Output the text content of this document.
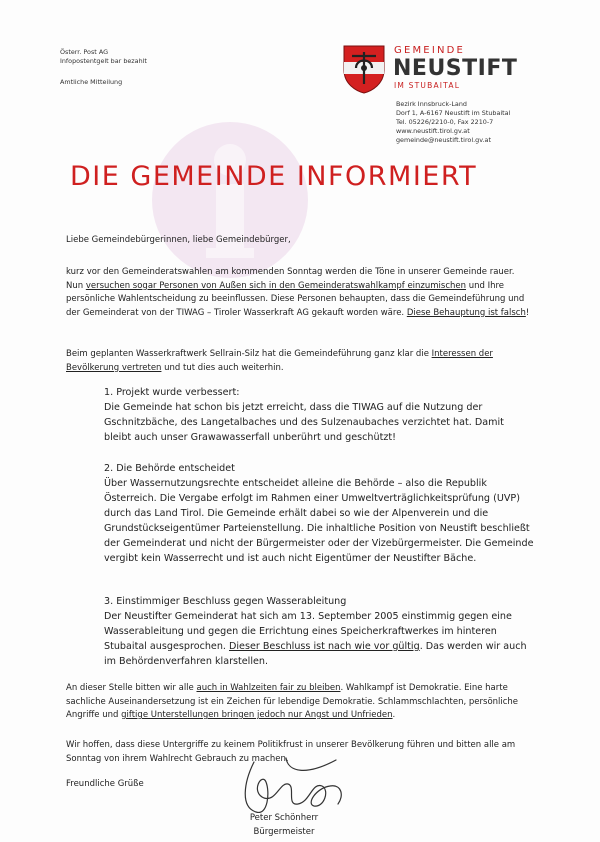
Österr. Post AG
Infopostentgelt bar bezahlt
Amtliche Mitteilung
GEMEINDE
NEUSTIFT
IM STUBAITAL
Bezirk Innsbruck-Land
Dorf 1, A-6167 Neustift im Stubaital
Tel. 05226/2210-0, Fax 2210-7
www.neustift.tirol.gv.at
gemeinde@neustift.tirol.gv.at
DIE GEMEINDE INFORMIERT
Liebe Gemeindebürgerinnen, liebe Gemeindebürger,
kurz vor den Gemeinderatswahlen am kommenden Sonntag werden die Töne in unserer Gemeinde rauer. Nun versuchen sogar Personen von Außen sich in den Gemeinderatswahlkampf einzumischen und Ihre persönliche Wahlentscheidung zu beeinflussen. Diese Personen behaupten, dass die Gemeindeführung und der Gemeinderat von der TIWAG – Tiroler Wasserkraft AG gekauft worden wäre. Diese Behauptung ist falsch!
Beim geplanten Wasserkraftwerk Sellrain-Silz hat die Gemeindeführung ganz klar die Interessen der Bevölkerung vertreten und tut dies auch weiterhin.
1. Projekt wurde verbessert:
Die Gemeinde hat schon bis jetzt erreicht, dass die TIWAG auf die Nutzung der Gschnitzbäche, des Langetalbaches und des Sulzenaubaches verzichtet hat. Damit bleibt auch unser Grawawasserfall unberührt und geschützt!
2. Die Behörde entscheidet
Über Wassernutzungsrechte entscheidet alleine die Behörde – also die Republik Österreich. Die Vergabe erfolgt im Rahmen einer Umweltverträglichkeitsprüfung (UVP) durch das Land Tirol. Die Gemeinde erhält dabei so wie der Alpenverein und die Grundstückseigentümer Parteienstellung. Die inhaltliche Position von Neustift beschließt der Gemeinderat und nicht der Bürgermeister oder der Vizebürgermeister. Die Gemeinde vergibt kein Wasserrecht und ist auch nicht Eigentümer der Neustifter Bäche.
3. Einstimmiger Beschluss gegen Wasserableitung
Der Neustifter Gemeinderat hat sich am 13. September 2005 einstimmig gegen eine Wasserableitung und gegen die Errichtung eines Speicherkraftwerkes im hinteren Stubaital ausgesprochen. Dieser Beschluss ist nach wie vor gültig. Das werden wir auch im Behördenverfahren klarstellen.
An dieser Stelle bitten wir alle auch in Wahlzeiten fair zu bleiben. Wahlkampf ist Demokratie. Eine harte sachliche Auseinandersetzung ist ein Zeichen für lebendige Demokratie. Schlammschlachten, persönliche Angriffe und giftige Unterstellungen bringen jedoch nur Angst und Unfrieden.
Wir hoffen, dass diese Untergriffe zu keinem Politikfrust in unserer Bevölkerung führen und bitten alle am Sonntag von ihrem Wahlrecht Gebrauch zu machen.
Freundliche Grüße
Peter Schönherr
Bürgermeister
